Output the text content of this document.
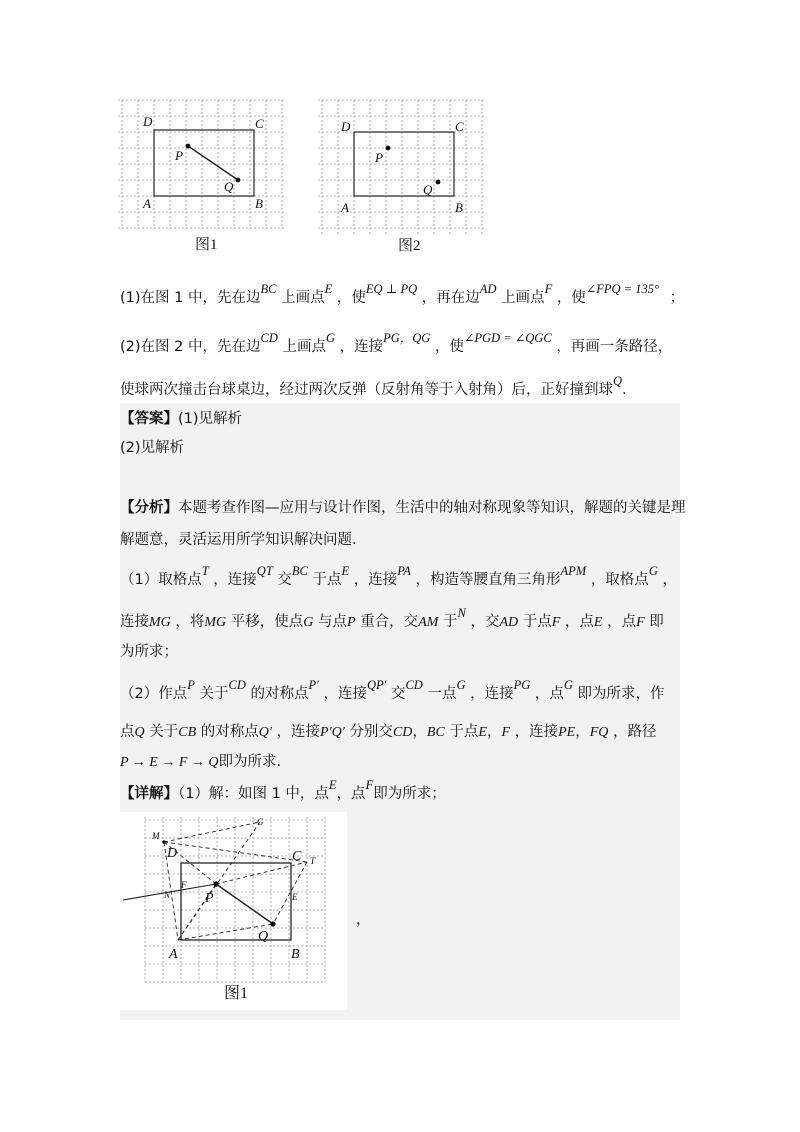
D	C
A	B
P
Q
图1
D	C
A	B
P
Q
图2
(1)在图 1 中，先在边BC 上画点E ，使EQ ⊥ PQ ，再在边AD 上画点F ，使∠FPQ = 135° ；
(2)在图 2 中，先在边CD 上画点G ，连接PG，QG ，使∠PGD = ∠QGC ，再画一条路径，
使球两次撞击台球桌边，经过两次反弹（反射角等于入射角）后，正好撞到球Q.
【答案】(1)见解析
(2)见解析
【分析】本题考查作图—应用与设计作图，生活中的轴对称现象等知识，解题的关键是理
解题意，灵活运用所学知识解决问题.
（1）取格点T ，连接QT 交BC 于点E ，连接PA ，构造等腰直角三角形APM ，取格点G ，
连接MG ，将MG 平移，使点G 与点P 重合，交AM 于N ，交AD 于点F ，点E ，点F 即
为所求；
（2）作点P 关于CD 的对称点P′ ，连接QP′ 交CD 一点G ，连接PG ，点G 即为所求，作
点Q 关于CB 的对称点Q′ ，连接P′Q′ 分别交CD，BC 于点E，F ，连接PE，FQ ，路径
P → E → F → Q即为所求.
【详解】（1）解：如图 1 中，点E，点F即为所求；
M
G
D	C T
F
N P	E
Q
A	B
图1
，
